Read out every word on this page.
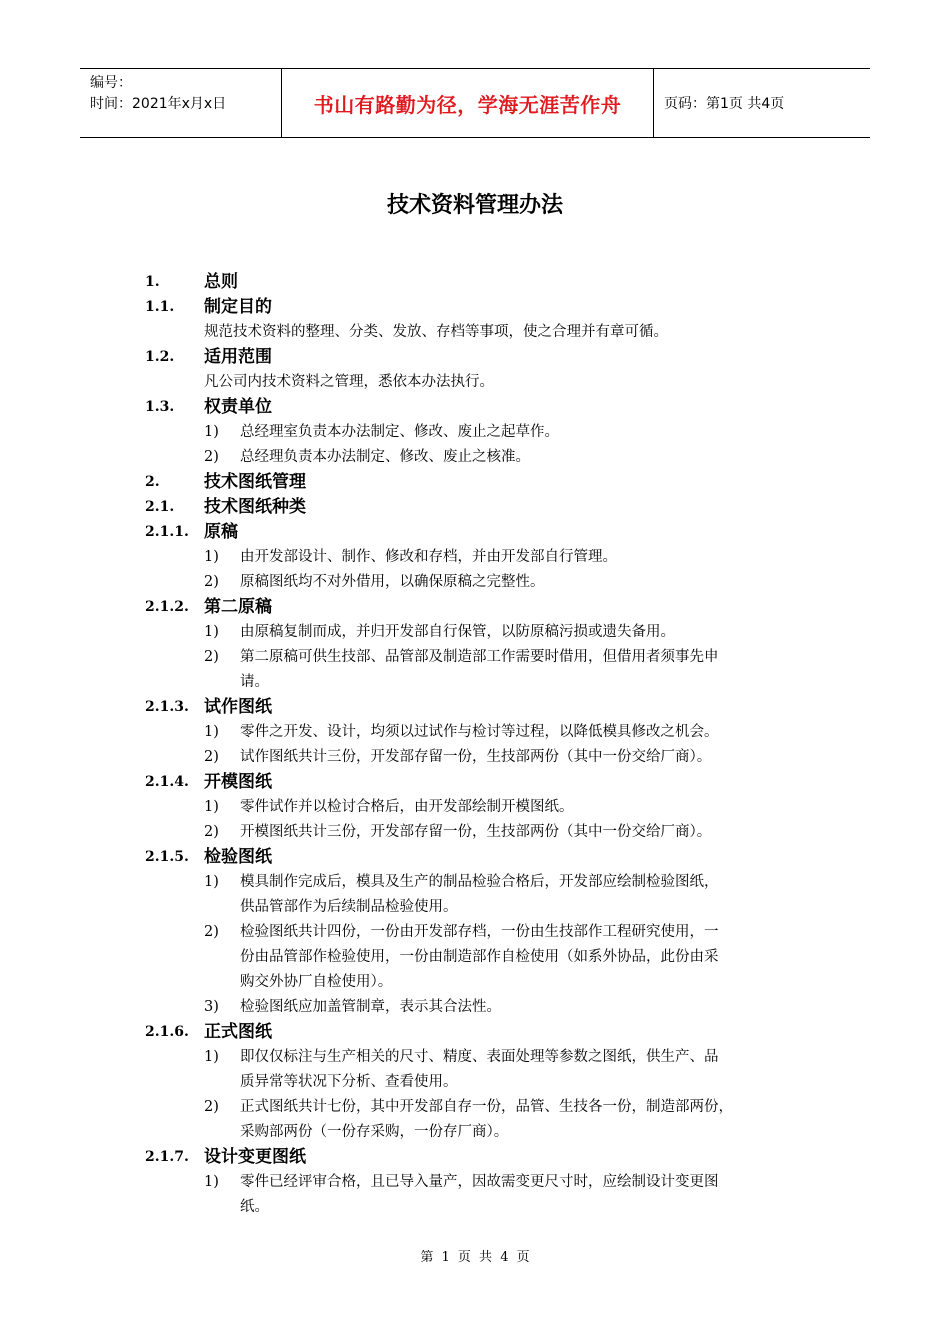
编号：
时间：2021年x月x日	书山有路勤为径，学海无涯苦作舟	页码：第1页 共4页
技术资料管理办法
1.	总则
1.1. 制定目的
规范技术资料的整理、分类、发放、存档等事项，使之合理并有章可循。
1.2. 适用范围
凡公司内技术资料之管理，悉依本办法执行。
1.3. 权责单位
1) 总经理室负责本办法制定、修改、废止之起草作。
2) 总经理负责本办法制定、修改、废止之核准。
2.	技术图纸管理
2.1. 技术图纸种类
2.1.1. 原稿
1) 由开发部设计、制作、修改和存档，并由开发部自行管理。
2) 原稿图纸均不对外借用，以确保原稿之完整性。
2.1.2. 第二原稿
1) 由原稿复制而成，并归开发部自行保管，以防原稿污损或遗失备用。
2) 第二原稿可供生技部、品管部及制造部工作需要时借用，但借用者须事先申
请。
2.1.3. 试作图纸
1) 零件之开发、设计，均须以过试作与检讨等过程，以降低模具修改之机会。
2) 试作图纸共计三份，开发部存留一份，生技部两份（其中一份交给厂商）。
2.1.4. 开模图纸
1) 零件试作并以检讨合格后，由开发部绘制开模图纸。
2) 开模图纸共计三份，开发部存留一份，生技部两份（其中一份交给厂商）。
2.1.5. 检验图纸
1) 模具制作完成后，模具及生产的制品检验合格后，开发部应绘制检验图纸，
供品管部作为后续制品检验使用。
2) 检验图纸共计四份，一份由开发部存档，一份由生技部作工程研究使用，一
份由品管部作检验使用，一份由制造部作自检使用（如系外协品，此份由采
购交外协厂自检使用）。
3) 检验图纸应加盖管制章，表示其合法性。
2.1.6. 正式图纸
1) 即仅仅标注与生产相关的尺寸、精度、表面处理等参数之图纸，供生产、品
质异常等状况下分析、查看使用。
2) 正式图纸共计七份，其中开发部自存一份，品管、生技各一份，制造部两份，
采购部两份（一份存采购，一份存厂商）。
2.1.7. 设计变更图纸
1) 零件已经评审合格，且已导入量产，因故需变更尺寸时，应绘制设计变更图
纸。
第 1 页 共 4 页
